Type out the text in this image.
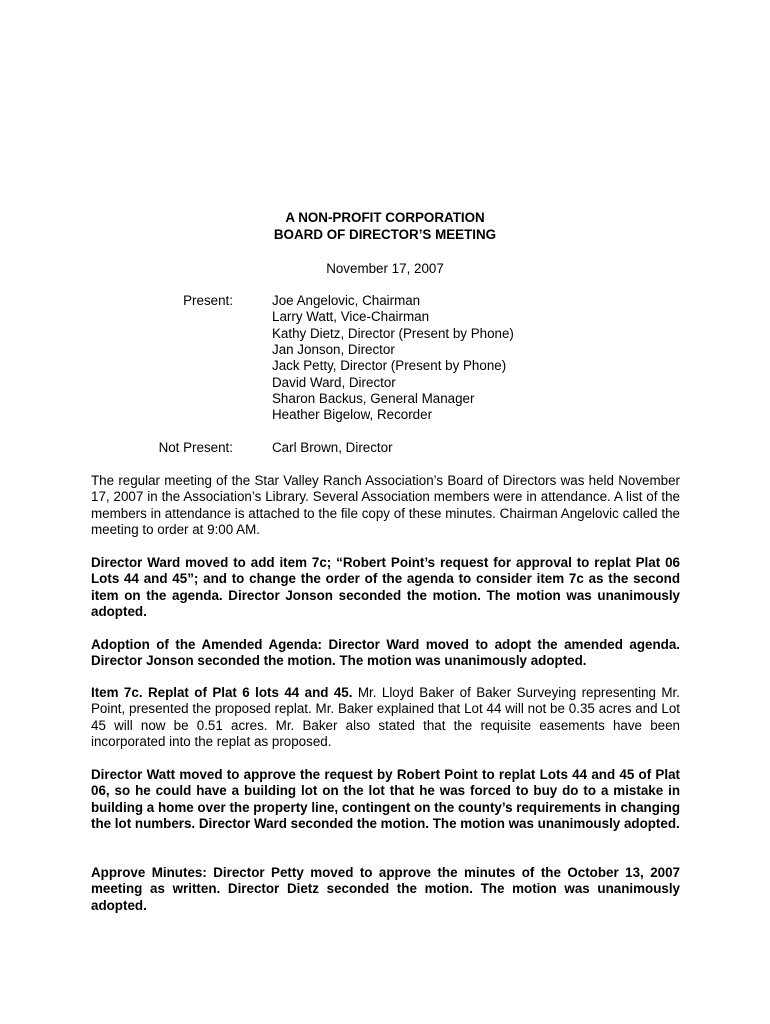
A NON-PROFIT CORPORATION
BOARD OF DIRECTOR’S MEETING
November 17, 2007
Present:	Joe Angelovic, Chairman
Larry Watt, Vice-Chairman
Kathy Dietz, Director (Present by Phone)
Jan Jonson, Director
Jack Petty, Director (Present by Phone)
David Ward, Director
Sharon Backus, General Manager
Heather Bigelow, Recorder
Not Present:	Carl Brown, Director

The regular meeting of the Star Valley Ranch Association’s Board of Directors was held November 17, 2007 in the Association’s Library. Several Association members were in attendance. A list of the members in attendance is attached to the file copy of these minutes. Chairman Angelovic called the meeting to order at 9:00 AM.

Director Ward moved to add item 7c; “Robert Point’s request for approval to replat Plat 06 Lots 44 and 45”; and to change the order of the agenda to consider item 7c as the second item on the agenda. Director Jonson seconded the motion. The motion was unanimously adopted.

Adoption of the Amended Agenda: Director Ward moved to adopt the amended agenda. Director Jonson seconded the motion. The motion was unanimously adopted.

Item 7c. Replat of Plat 6 lots 44 and 45. Mr. Lloyd Baker of Baker Surveying representing Mr. Point, presented the proposed replat. Mr. Baker explained that Lot 44 will not be 0.35 acres and Lot 45 will now be 0.51 acres. Mr. Baker also stated that the requisite easements have been incorporated into the replat as proposed.

Director Watt moved to approve the request by Robert Point to replat Lots 44 and 45 of Plat 06, so he could have a building lot on the lot that he was forced to buy do to a mistake in building a home over the property line, contingent on the county’s requirements in changing the lot numbers. Director Ward seconded the motion. The motion was unanimously adopted.

Approve Minutes: Director Petty moved to approve the minutes of the October 13, 2007 meeting as written. Director Dietz seconded the motion. The motion was unanimously adopted.
